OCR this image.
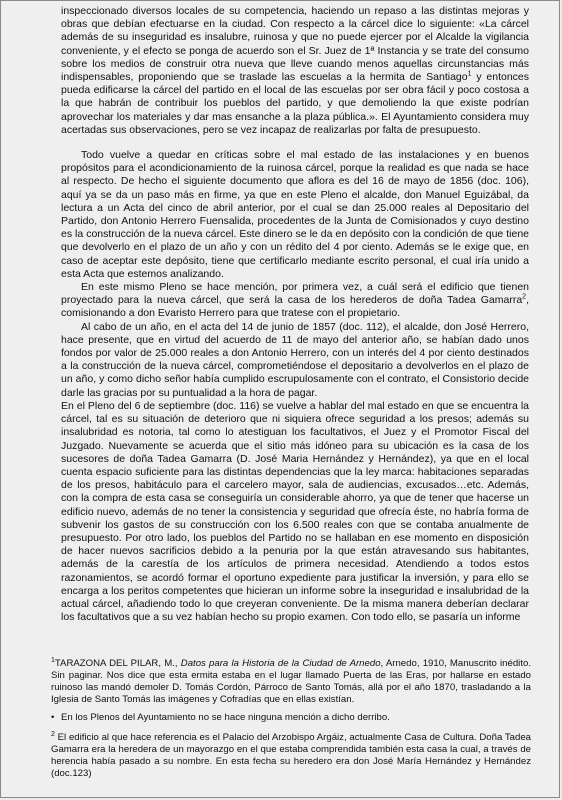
inspeccionado diversos locales de su competencia, haciendo un repaso a las distintas mejoras y obras que debían efectuarse en la ciudad. Con respecto a la cárcel dice lo siguiente: «La cárcel además de su inseguridad es insalubre, ruinosa y que no puede ejercer por el Alcalde la vigilancia conveniente, y el efecto se ponga de acuerdo son el Sr. Juez de 1ª Instancia y se trate del consumo sobre los medios de construir otra nueva que lleve cuando menos aquellas circunstancias más indispensables, proponiendo que se traslade las escuelas a la hermita de Santiago$^1$ y entonces pueda edificarse la cárcel del partido en el local de las escuelas por ser obra fácil y poco costosa a la que habrán de contribuir los pueblos del partido, y que demoliendo la que existe podrían aprovechar los materiales y dar mas ensanche a la plaza pública.». El Ayuntamiento considera muy acertadas sus observaciones, pero se vez incapaz de realizarlas por falta de presupuesto.

Todo vuelve a quedar en críticas sobre el mal estado de las instalaciones y en buenos propósitos para el acondicionamiento de la ruinosa cárcel, porque la realidad es que nada se hace al respecto. De hecho el siguiente documento que aflora es del 16 de mayo de 1856 (doc. 106), aquí ya se da un paso más en firme, ya que en este Pleno el alcalde, don Manuel Eguizábal, da lectura a un Acta del cinco de abril anterior, por el cual se dan 25.000 reales al Depositario del Partido, don Antonio Herrero Fuensalida, procedentes de la Junta de Comisionados y cuyo destino es la construcción de la nueva cárcel. Este dinero se le da en depósito con la condición de que tiene que devolverlo en el plazo de un año y con un rédito del 4 por ciento. Además se le exige que, en caso de aceptar este depósito, tiene que certificarlo mediante escrito personal, el cual iría unido a esta Acta que estemos analizando.

En este mismo Pleno se hace mención, por primera vez, a cuál será el edificio que tienen proyectado para la nueva cárcel, que será la casa de los herederos de doña Tadea Gamarra$^2$, comisionando a don Evaristo Herrero para que tratese con el propietario.

Al cabo de un año, en el acta del 14 de junio de 1857 (doc. 112), el alcalde, don José Herrero, hace presente, que en virtud del acuerdo de 11 de mayo del anterior año, se habían dado unos fondos por valor de 25.000 reales a don Antonio Herrero, con un interés del 4 por ciento destinados a la construcción de la nueva cárcel, comprometiéndose el depositario a devolverlos en el plazo de un año, y como dicho señor había cumplido escrupulosamente con el contrato, el Consistorio decide darle las gracias por su puntualidad a la hora de pagar.

En el Pleno del 6 de septiembre (doc. 116) se vuelve a hablar del mal estado en que se encuentra la cárcel, tal es su situación de deterioro que ni siquiera ofrece seguridad a los presos; además su insalubridad es notoria, tal como lo atestiguan los facultativos, el Juez y el Promotor Fiscal del Juzgado. Nuevamente se acuerda que el sitio más idóneo para su ubicación es la casa de los sucesores de doña Tadea Gamarra (D. José Maria Hernández y Hernández), ya que en el local cuenta espacio suficiente para las distintas dependencias que la ley marca: habitaciones separadas de los presos, habitáculo para el carcelero mayor, sala de audiencias, excusados…etc. Además, con la compra de esta casa se conseguiría un considerable ahorro, ya que de tener que hacerse un edificio nuevo, además de no tener la consistencia y seguridad que ofrecía éste, no habría forma de subvenir los gastos de su construcción con los 6.500 reales con que se contaba anualmente de presupuesto. Por otro lado, los pueblos del Partido no se hallaban en ese momento en disposición de hacer nuevos sacrificios debido a la penuria por la que están atravesando sus habitantes, además de la carestía de los artículos de primera necesidad. Atendiendo a todos estos razonamientos, se acordó formar el oportuno expediente para justificar la inversión, y para ello se encarga a los peritos competentes que hicieran un informe sobre la inseguridad e insalubridad de la actual cárcel, añadiendo todo lo que creyeran conveniente. De la misma manera deberían declarar los facultativos que a su vez habían hecho su propio examen. Con todo ello, se pasaría un informe

$^1$TARAZONA DEL PILAR, M., Datos para la Historia de la Ciudad de Arnedo, Arnedo, 1910, Manuscrito inédito. Sin paginar. Nos dice que esta ermita estaba en el lugar llamado Puerta de las Eras, por hallarse en estado ruinoso las mandó demoler D. Tomás Cordón, Párroco de Santo Tomás, allá por el año 1870, trasladando a la Iglesia de Santo Tomás las imágenes y Cofradías que en ellas existían.

• En los Plenos del Ayuntamiento no se hace ninguna mención a dicho derribo.

$^2$ El edificio al que hace referencia es el Palacio del Arzobispo Argáiz, actualmente Casa de Cultura. Doña Tadea Gamarra era la heredera de un mayorazgo en el que estaba comprendida también esta casa la cual, a través de herencia había pasado a su nombre. En esta fecha su heredero era don José María Hernández y Hernández (doc.123)
